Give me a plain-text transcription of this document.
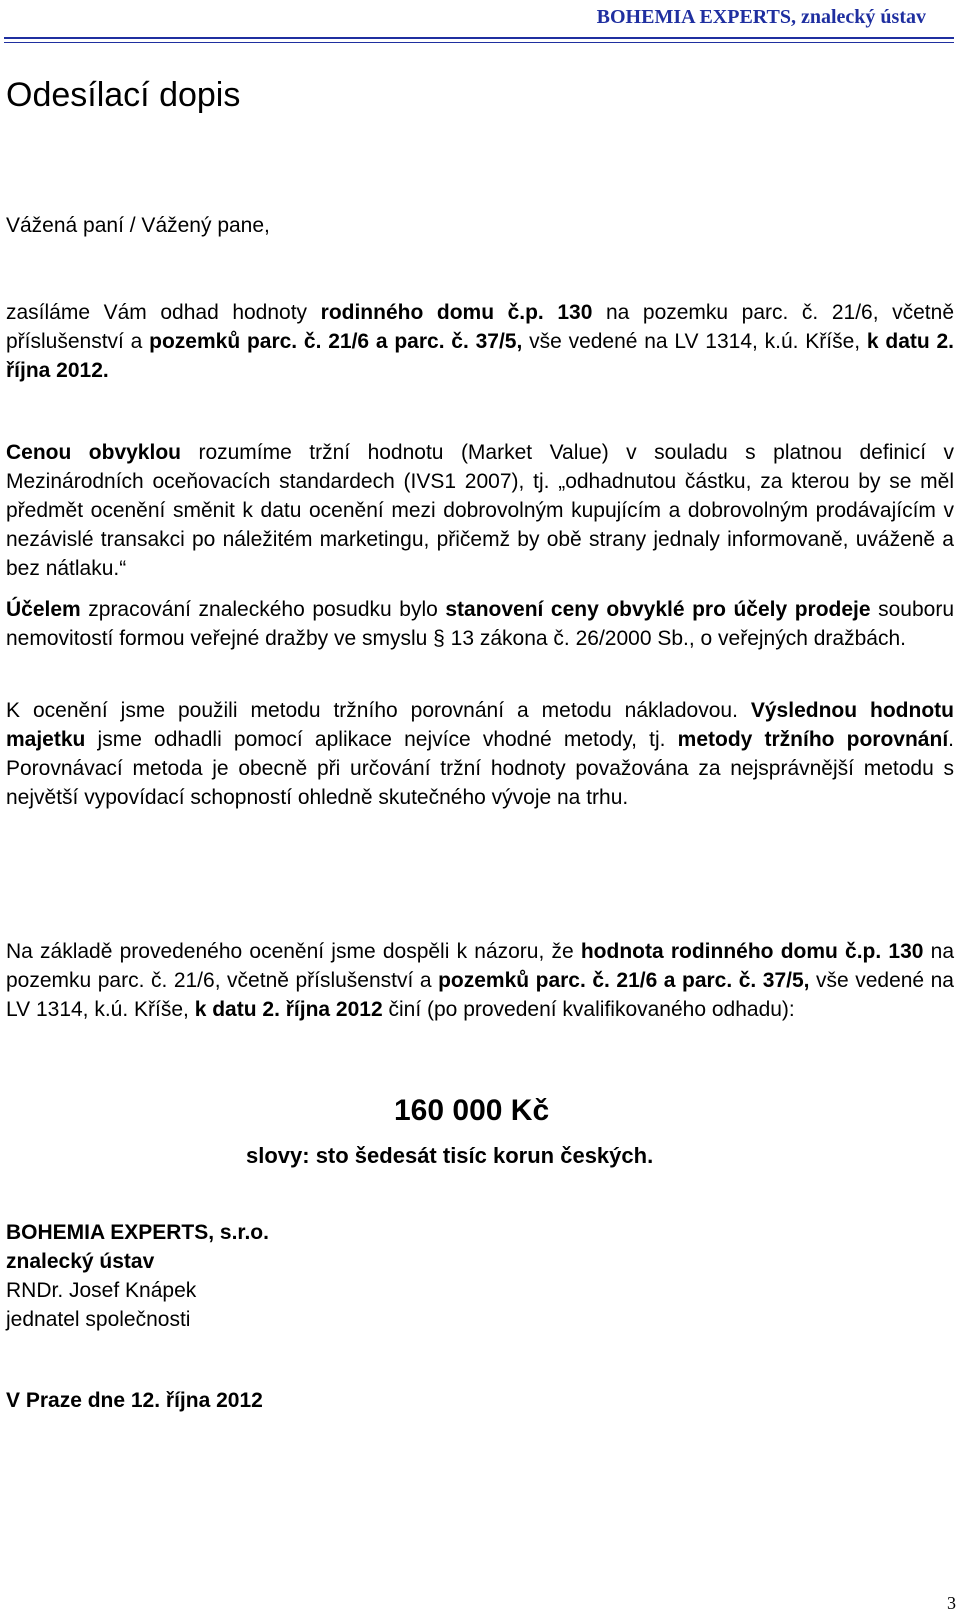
BOHEMIA EXPERTS, znalecký ústav
Odesílací dopis

Vážená paní / Vážený pane,

zasíláme Vám odhad hodnoty rodinného domu č.p. 130 na pozemku parc. č. 21/6, včetně příslušenství a pozemků parc. č. 21/6 a parc. č. 37/5, vše vedené na LV 1314, k.ú. Kříše, k datu 2. října 2012.

Cenou obvyklou rozumíme tržní hodnotu (Market Value) v souladu s platnou definicí v Mezinárodních oceňovacích standardech (IVS1 2007), tj. „odhadnutou částku, za kterou by se měl předmět ocenění směnit k datu ocenění mezi dobrovolným kupujícím a dobrovolným prodávajícím v nezávislé transakci po náležitém marketingu, přičemž by obě strany jednaly informovaně, uváženě a bez nátlaku.“

Účelem zpracování znaleckého posudku bylo stanovení ceny obvyklé pro účely prodeje souboru nemovitostí formou veřejné dražby ve smyslu § 13 zákona č. 26/2000 Sb., o veřejných dražbách.

K ocenění jsme použili metodu tržního porovnání a metodu nákladovou. Výslednou hodnotu majetku jsme odhadli pomocí aplikace nejvíce vhodné metody, tj. metody tržního porovnání. Porovnávací metoda je obecně při určování tržní hodnoty považována za nejsprávnější metodu s největší vypovídací schopností ohledně skutečného vývoje na trhu.

Na základě provedeného ocenění jsme dospěli k názoru, že hodnota rodinného domu č.p. 130 na pozemku parc. č. 21/6, včetně příslušenství a pozemků parc. č. 21/6 a parc. č. 37/5, vše vedené na LV 1314, k.ú. Kříše, k datu 2. října 2012 činí (po provedení kvalifikovaného odhadu):

160 000 Kč
slovy: sto šedesát tisíc korun českých.
BOHEMIA EXPERTS, s.r.o.
znalecký ústav
RNDr. Josef Knápek
jednatel společnosti
V Praze dne 12. října 2012
3
